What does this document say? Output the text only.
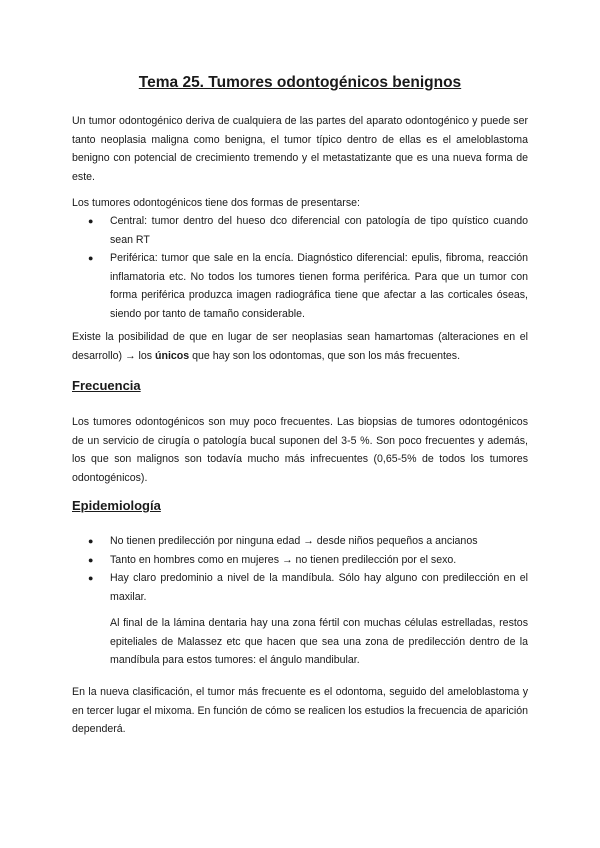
Tema 25. Tumores odontogénicos benignos

Un tumor odontogénico deriva de cualquiera de las partes del aparato odontogénico y puede ser tanto neoplasia maligna como benigna, el tumor típico dentro de ellas es el ameloblastoma benigno con potencial de crecimiento tremendo y el metastatizante que es una nueva forma de este.

Los tumores odontogénicos tiene dos formas de presentarse:

● Central: tumor dentro del hueso dco diferencial con patología de tipo quístico cuando sean RT
● Periférica: tumor que sale en la encía. Diagnóstico diferencial: epulis, fibroma, reacción inflamatoria etc. No todos los tumores tienen forma periférica. Para que un tumor con forma periférica produzca imagen radiográfica tiene que afectar a las corticales óseas, siendo por tanto de tamaño considerable.

Existe la posibilidad de que en lugar de ser neoplasias sean hamartomas (alteraciones en el desarrollo) → los únicos que hay son los odontomas, que son los más frecuentes.

Frecuencia

Los tumores odontogénicos son muy poco frecuentes. Las biopsias de tumores odontogénicos de un servicio de cirugía o patología bucal suponen del 3-5 %. Son poco frecuentes y además, los que son malignos son todavía mucho más infrecuentes (0,65-5% de todos los tumores odontogénicos).

Epidemiología
● No tienen predilección por ninguna edad → desde niños pequeños a ancianos
● Tanto en hombres como en mujeres → no tienen predilección por el sexo.
● Hay claro predominio a nivel de la mandíbula. Sólo hay alguno con predilección en el maxilar.

Al final de la lámina dentaria hay una zona fértil con muchas células estrelladas, restos epiteliales de Malassez etc que hacen que sea una zona de predilección dentro de la mandíbula para estos tumores: el ángulo mandibular.

En la nueva clasificación, el tumor más frecuente es el odontoma, seguido del ameloblastoma y en tercer lugar el mixoma. En función de cómo se realicen los estudios la frecuencia de aparición dependerá.
